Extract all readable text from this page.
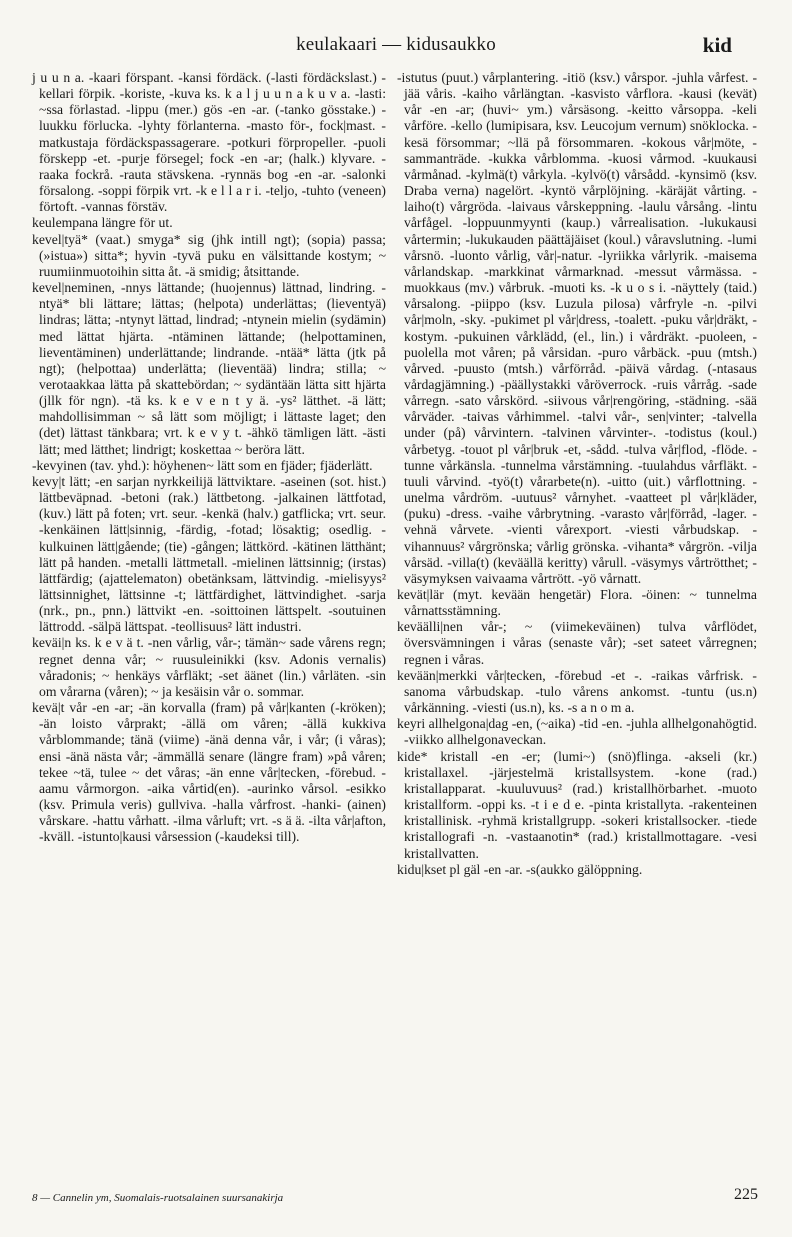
keulakaari — kidusaukko	kid

j u u n a. -kaari förspant. -kansi fördäck. (-lasti fördäckslast.) -kellari förpik. -koriste, -kuva ks. k a l j u u n a k u v a. -lasti: ~ssa förlastad. -lippu (mer.) gös -en -ar. (-tanko gösstake.) -luukku förlucka. -lyhty förlanterna. -masto för-, fock|mast. -matkustaja fördäckspassagerare. -potkuri förpropeller. -puoli förskepp -et. -purje försegel; fock -en -ar; (halk.) klyvare. -raaka fockrå. -rauta stävskena. -rynnäs bog -en -ar. -salonki försalong. -soppi förpik vrt. -k e l l a r i. -teljo, -tuhto (veneen) förtoft. -vannas förstäv.

keulempana längre för ut.

kevel|tyä* (vaat.) smyga* sig (jhk intill ngt); (sopia) passa; (»istua») sitta*; hyvin -tyvä puku en välsittande kostym; ~ ruumiinmuotoihin sitta åt. -ä smidig; åtsittande.

kevel|neminen, -nnys lättande; (huojennus) lättnad, lindring. -ntyä* bli lättare; lättas; (helpota) underlättas; (lieventyä) lindras; lätta; -ntynyt lättad, lindrad; -ntynein mielin (sydämin) med lättat hjärta. -ntäminen lättande; (helpottaminen, lieventäminen) underlättande; lindrande. -ntää* lätta (jtk på ngt); (helpottaa) underlätta; (lieventää) lindra; stilla; ~ verotaakkaa lätta på skattebördan; ~ sydäntään lätta sitt hjärta (jllk för ngn). -tä ks. k e v e n t y ä. -ys² lätthet. -ä lätt; mahdollisimman ~ så lätt som möjligt; i lättaste laget; den (det) lättast tänkbara; vrt. k e v y t. -ähkö tämligen lätt. -ästi lätt; med lätthet; lindrigt; koskettaa ~ beröra lätt.

-kevyinen (tav. yhd.): höyhenen~ lätt som en fjäder; fjäderlätt.

kevy|t lätt; -en sarjan nyrkkeilijä lättviktare. -aseinen (sot. hist.) lättbeväpnad. -betoni (rak.) lättbetong. -jalkainen lättfotad, (kuv.) lätt på foten; vrt. seur. -kenkä (halv.) gatflicka; vrt. seur. -kenkäinen lätt|sinnig, -färdig, -fotad; lösaktig; osedlig. -kulkuinen lätt|gående; (tie) -gången; lättkörd. -kätinen lätthänt; lätt på handen. -metalli lättmetall. -mielinen lättsinnig; (irstas) lättfärdig; (ajattelematon) obetänksam, lättvindig. -mielisyys² lättsinnighet, lättsinne -t; lättfärdighet, lättvindighet. -sarja (nrk., pn., pnn.) lättvikt -en. -soittoinen lättspelt. -soutuinen lättrodd. -sälpä lättspat. -teollisuus² lätt industri.

keväi|n ks. k e v ä t. -nen vårlig, vår-; tämän~ sade vårens regn; regnet denna vår; ~ ruusuleinikki (ksv. Adonis vernalis) våradonis; ~ henkäys vårfläkt; -set äänet (lin.) vårläten. -sin om vårarna (våren); ~ ja kesäisin vår o. sommar.

kevä|t vår -en -ar; -än korvalla (fram) på vår|kanten (-kröken); -än loisto vårprakt; -ällä om våren; -ällä kukkiva vårblommande; tänä (viime) -änä denna vår, i vår; (i våras); ensi -änä nästa vår; -ämmällä senare (längre fram) »på våren; tekee ~tä, tulee ~ det våras; -än enne vår|tecken, -förebud. -aamu vårmorgon. -aika vårtid(en). -aurinko vårsol. -esikko (ksv. Primula veris) gullviva. -halla vårfrost. -hanki- (ainen) vårskare. -hattu vårhatt. -ilma vårluft; vrt. -s ä ä. -ilta vår|afton, -kväll. -istunto|kausi vårsession (-kaudeksi till).

-istutus (puut.) vårplantering. -itiö (ksv.) vårspor. -juhla vårfest. -jää våris. -kaiho vårlängtan. -kasvisto vårflora. -kausi (kevät) vår -en -ar; (huvi~ ym.) vårsäsong. -keitto vårsoppa. -keli vårföre. -kello (lumipisara, ksv. Leucojum vernum) snöklocka. -kesä försommar; ~llä på försommaren. -kokous vår|möte, -sammanträde. -kukka vårblomma. -kuosi vårmod. -kuukausi vårmånad. -kylmä(t) vårkyla. -kylvö(t) vårsådd. -kynsimö (ksv. Draba verna) nagelört. -kyntö vårplöjning. -käräjät vårting. -laiho(t) vårgröda. -laivaus vårskeppning. -laulu vårsång. -lintu vårfågel. -loppuunmyynti (kaup.) vårrealisation. -lukukausi vårtermin; -lukukauden päättäjäiset (koul.) våravslutning. -lumi vårsnö. -luonto vårlig, vår|-natur. -lyriikka vårlyrik. -maisema vårlandskap. -markkinat vårmarknad. -messut vårmässa. -muokkaus (mv.) vårbruk. -muoti ks. -k u o s i. -näyttely (taid.) vårsalong. -piippo (ksv. Luzula pilosa) vårfryle -n. -pilvi vår|moln, -sky. -pukimet pl vår|dress, -toalett. -puku vår|dräkt, -kostym. -pukuinen vårklädd, (el., lin.) i vårdräkt. -puoleen, -puolella mot våren; på vårsidan. -puro vårbäck. -puu (mtsh.) vårved. -puusto (mtsh.) vårförråd. -päivä vårdag. (-ntasaus vårdagjämning.) -päällystakki våröverrock. -ruis vårråg. -sade vårregn. -sato vårskörd. -siivous vår|rengöring, -städning. -sää vårväder. -taivas vårhimmel. -talvi vår-, sen|vinter; -talvella under (på) vårvintern. -talvinen vårvinter-. -todistus (koul.) vårbetyg. -touot pl vår|bruk -et, -sådd. -tulva vår|flod, -flöde. -tunne vårkänsla. -tunnelma vårstämning. -tuulahdus vårfläkt. -tuuli vårvind. -työ(t) vårarbete(n). -uitto (uit.) vårflottning. -unelma vårdröm. -uutuus² vårnyhet. -vaatteet pl vår|kläder, (puku) -dress. -vaihe vårbrytning. -varasto vår|förråd, -lager. -vehnä vårvete. -vienti vårexport. -viesti vårbudskap. -vihannuus² vårgrönska; vårlig grönska. -vihanta* vårgrön. -vilja vårsäd. -villa(t) (keväällä keritty) vårull. -väsymys vårtrötthet; -väsymyksen vaivaama vårtrött. -yö vårnatt.

kevät|lär (myt. kevään hengetär) Flora. -öinen: ~ tunnelma vårnattsstämning.

keväälli|nen vår-; ~ (viimekeväinen) tulva vårflödet, översvämningen i våras (senaste vår); -set sateet vårregnen; regnen i våras.

kevään|merkki vår|tecken, -förebud -et -. -raikas vårfrisk. -sanoma vårbudskap. -tulo vårens ankomst. -tuntu (us.n) vårkänning. -viesti (us.n), ks. -s a n o m a.

keyri allhelgona|dag -en, (~aika) -tid -en. -juhla allhelgonahögtid. -viikko allhelgonaveckan.

kide* kristall -en -er; (lumi~) (snö)flinga. -akseli (kr.) kristallaxel. -järjestelmä kristallsystem. -kone (rad.) kristallapparat. -kuuluvuus² (rad.) kristallhörbarhet. -muoto kristallform. -oppi ks. -t i e d e. -pinta kristallyta. -rakenteinen kristallinisk. -ryhmä kristallgrupp. -sokeri kristallsocker. -tiede kristallografi -n. -vastaanotin* (rad.) kristallmottagare. -vesi kristallvatten.

kidu|kset pl gäl -en -ar. -s(aukko gälöppning.

8 — Cannelin ym, Suomalais-ruotsalainen suursanakirja	225
